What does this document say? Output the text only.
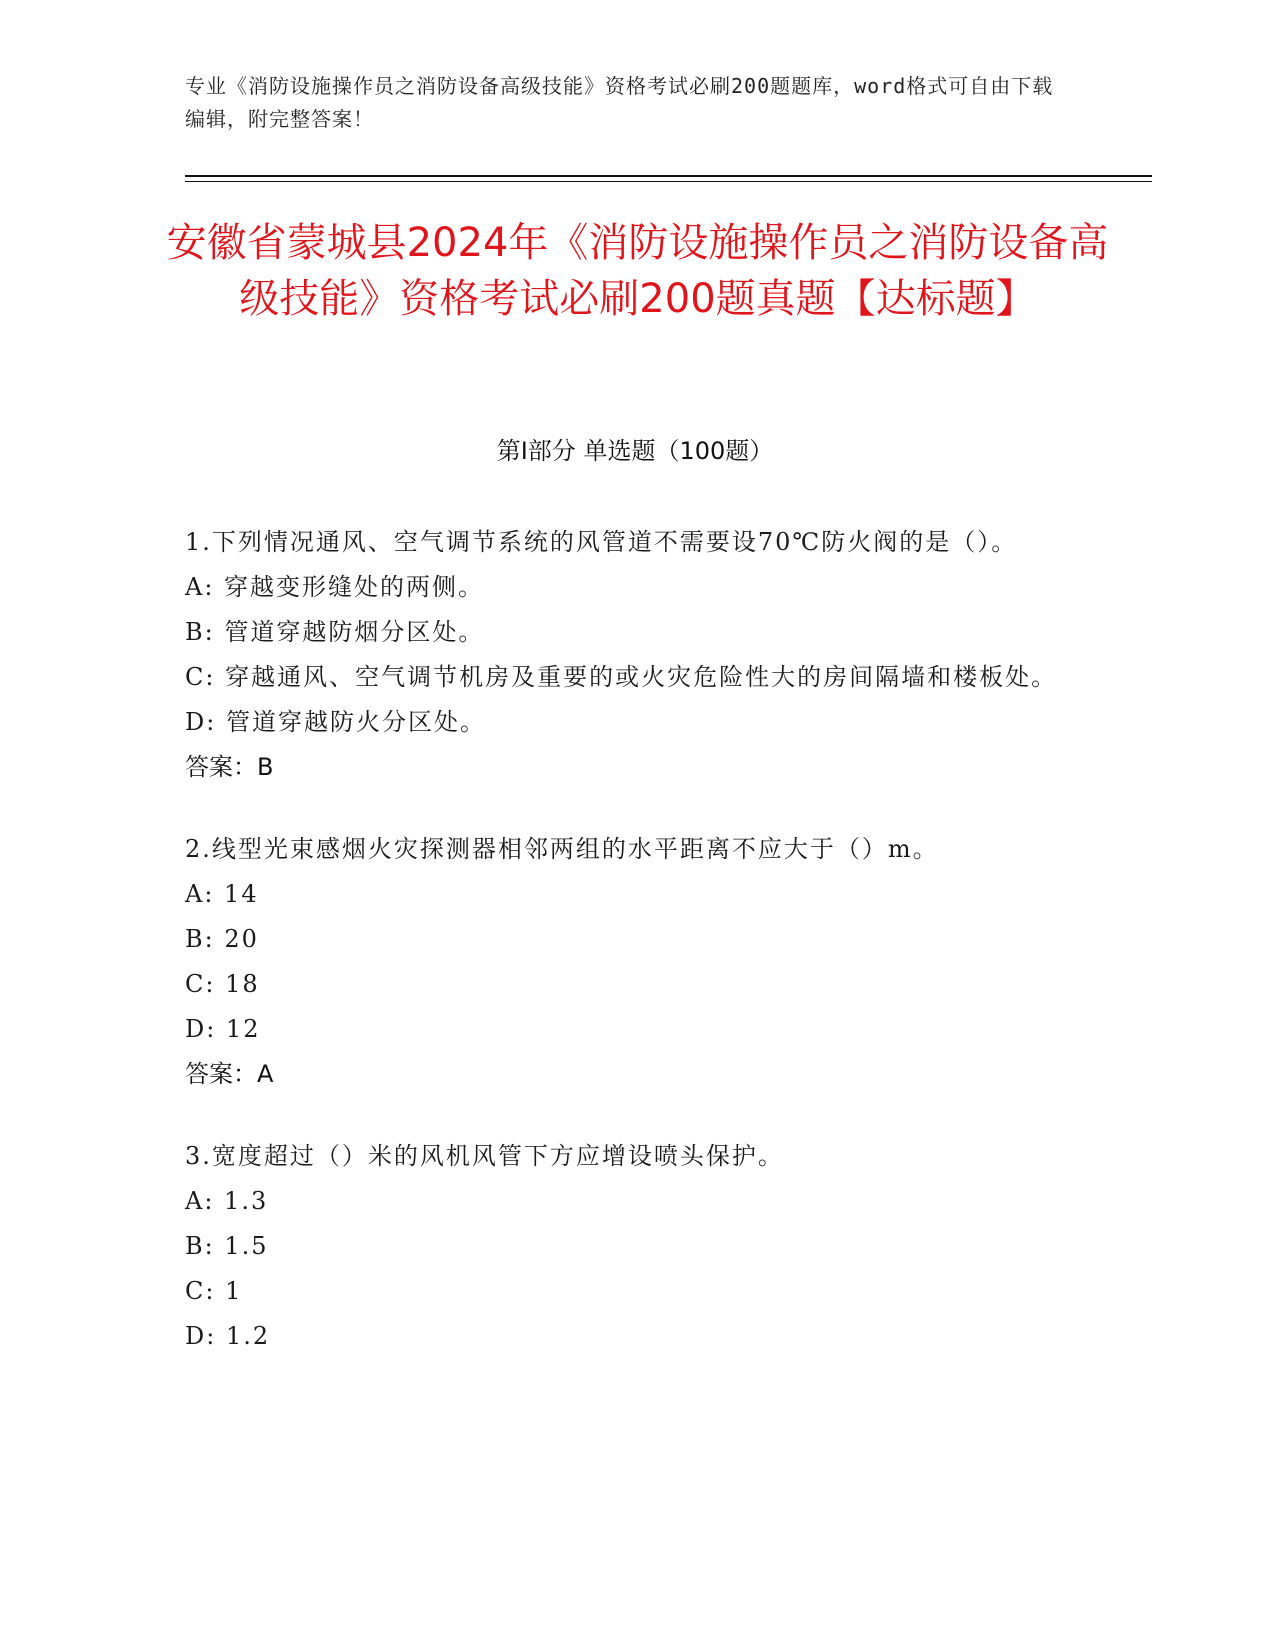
专业《消防设施操作员之消防设备高级技能》资格考试必刷200题题库，word格式可自由下载编辑，附完整答案！
安徽省蒙城县2024年《消防设施操作员之消防设备高级技能》资格考试必刷200题真题【达标题】
第I部分 单选题（100题）

1.下列情况通风、空气调节系统的风管道不需要设70℃防火阀的是（）。

A: 穿越变形缝处的两侧。

B: 管道穿越防烟分区处。

C: 穿越通风、空气调节机房及重要的或火灾危险性大的房间隔墙和楼板处。

D: 管道穿越防火分区处。

答案：B

2.线型光束感烟火灾探测器相邻两组的水平距离不应大于（）m。

A: 14

B: 20

C: 18

D: 12

答案：A

3.宽度超过（）米的风机风管下方应增设喷头保护。

A: 1.3

B: 1.5

C: 1

D: 1.2
